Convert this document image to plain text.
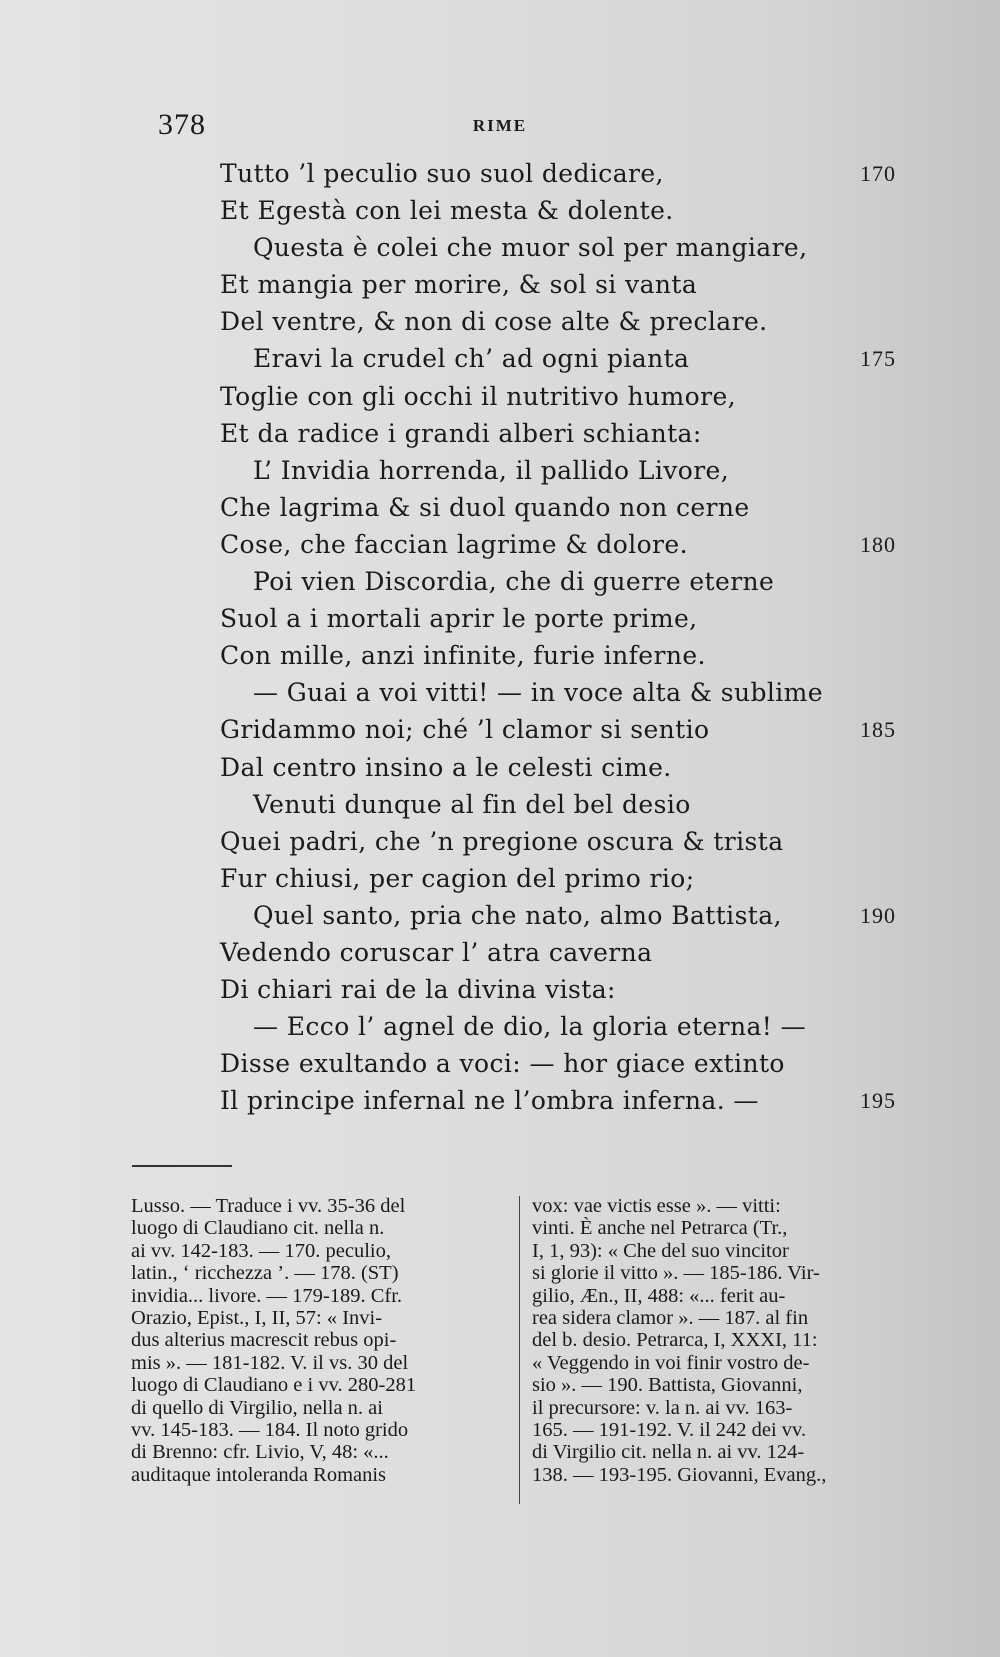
378	RIME
Tutto ’l peculio suo suol dedicare,	170
Et Egestà con lei mesta & dolente.
Questa è colei che muor sol per mangiare,
Et mangia per morire, & sol si vanta
Del ventre, & non di cose alte & preclare.
Eravi la crudel ch’ ad ogni pianta	175
Toglie con gli occhi il nutritivo humore,
Et da radice i grandi alberi schianta:
L’ Invidia horrenda, il pallido Livore,
Che lagrima & si duol quando non cerne
Cose, che faccian lagrime & dolore.	180
Poi vien Discordia, che di guerre eterne
Suol a i mortali aprir le porte prime,
Con mille, anzi infinite, furie inferne.
— Guai a voi vitti! — in voce alta & sublime
Gridammo noi; ché ’l clamor si sentio	185
Dal centro insino a le celesti cime.
Venuti dunque al fin del bel desio
Quei padri, che ’n pregione oscura & trista
Fur chiusi, per cagion del primo rio;
Quel santo, pria che nato, almo Battista,	190
Vedendo coruscar l’ atra caverna
Di chiari rai de la divina vista:
— Ecco l’ agnel de dio, la gloria eterna! —
Disse exultando a voci: — hor giace extinto
Il principe infernal ne l’ombra inferna. —	195
Lusso. — Traduce i vv. 35-36 del
luogo di Claudiano cit. nella n.
ai vv. 142-183. — 170. peculio,
latin., ‘ ricchezza ’. — 178. (ST)
invidia... livore. — 179-189. Cfr.
Orazio, Epist., I, II, 57: « Invi-
dus alterius macrescit rebus opi-
mis ». — 181-182. V. il vs. 30 del
luogo di Claudiano e i vv. 280-281
di quello di Virgilio, nella n. ai
vv. 145-183. — 184. Il noto grido
di Brenno: cfr. Livio, V, 48: «...
auditaque intoleranda Romanis
vox: vae victis esse ». — vitti:
vinti. È anche nel Petrarca (Tr.,
I, 1, 93): « Che del suo vincitor
si glorie il vitto ». — 185-186. Vir-
gilio, Æn., II, 488: «... ferit au-
rea sidera clamor ». — 187. al fin
del b. desio. Petrarca, I, XXXI, 11:
« Veggendo in voi finir vostro de-
sio ». — 190. Battista, Giovanni,
il precursore: v. la n. ai vv. 163-
165. — 191-192. V. il 242 dei vv.
di Virgilio cit. nella n. ai vv. 124-
138. — 193-195. Giovanni, Evang.,
